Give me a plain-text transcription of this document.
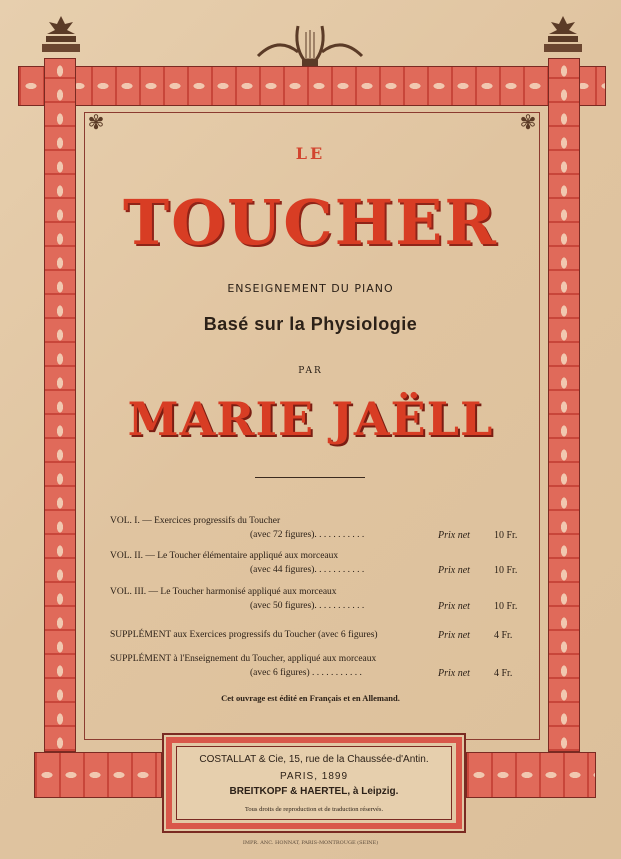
✾	✾
LE
TOUCHER
ENSEIGNEMENT DU PIANO
Basé sur la Physiologie
PAR
MARIE JAËLL
VOL. I. — Exercices progressifs du Toucher
(avec 72 figures). . . . . . . . . . .	Prix net 10 Fr.
VOL. II. — Le Toucher élémentaire appliqué aux morceaux
(avec 44 figures). . . . . . . . . . .	Prix net 10 Fr.
VOL. III. — Le Toucher harmonisé appliqué aux morceaux
(avec 50 figures). . . . . . . . . . .	Prix net 10 Fr.
SUPPLÉMENT aux Exercices progressifs du Toucher (avec 6 figures)	Prix net 4 Fr.
SUPPLÉMENT à l'Enseignement du Toucher, appliqué aux morceaux
(avec 6 figures) . . . . . . . . . . .	Prix net 4 Fr.
Cet ouvrage est édité en Français et en Allemand.
COSTALLAT & Cie, 15, rue de la Chaussée-d'Antin.
PARIS, 1899
BREITKOPF & HAERTEL, à Leipzig.
Tous droits de reproduction et de traduction réservés.
IMPR. ANC. HONNAT, PARIS-MONTROUGE (SEINE)
